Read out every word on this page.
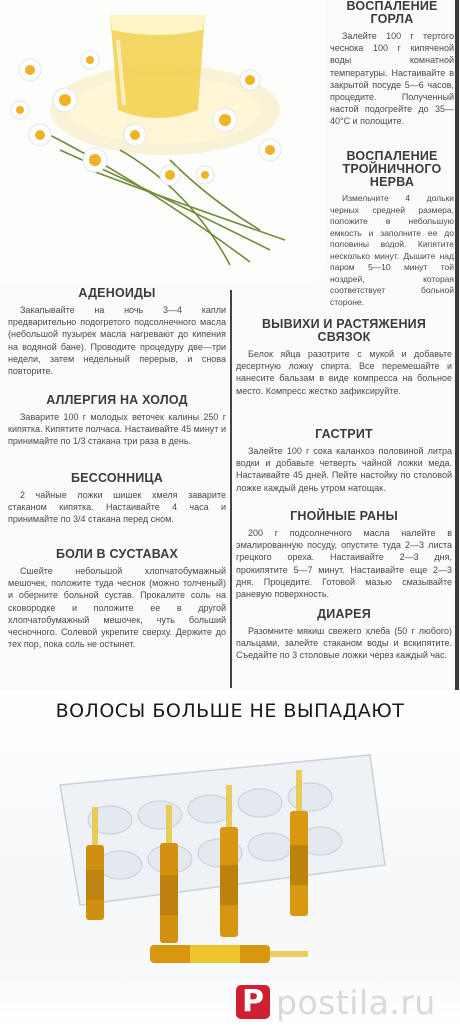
ВОСПАЛЕНИЕ ГОРЛА
Залейте 100 г тертого чеснока 100 г кипяченой воды комнатной температуры. Настаивайте в закрытой посуде 5—6 часов, процедите. Полученный настой подогрейте до 35—40°C и полощите.
ВОСПАЛЕНИЕ ТРОЙНИЧНОГО НЕРВА
Измельчите 4 дольки черных средней размера, положите в небольшую емкость и заполните ее до половины водой. Кипятите несколько минут. Дышите над паром 5—10 минут той ноздрей, которая соответствует больной стороне.
АДЕНОИДЫ
Закапывайте на ночь 3—4 капли предварительно подогретого подсолнечного масла (небольшой пузырек масла нагревают до кипения на водяной бане). Проводите процедуру две—три недели, затем недельный перерыв, и снова повторите.
АЛЛЕРГИЯ НА ХОЛОД
Заварите 100 г молодых веточек калины 250 г кипятка. Кипятите полчаса. Настаивайте 45 минут и принимайте по 1/3 стакана три раза в день.
БЕССОННИЦА
2 чайные ложки шишек хмеля заварите стаканом кипятка. Настаивайте 4 часа и принимайте по 3/4 стакана перед сном.
БОЛИ В СУСТАВАХ
Сшейте небольшой хлопчатобумажный мешочек, положите туда чеснок (можно толченый) и оберните больной сустав. Прокалите соль на сковородке и положите ее в другой хлопчатобумажный мешочек, чуть больший чесночного. Солевой укрепите сверху. Держите до тех пор, пока соль не остынет.
ВЫВИХИ И РАСТЯЖЕНИЯ СВЯЗОК
Белок яйца разотрите с мукой и добавьте десертную ложку спирта. Все перемешайте и нанесите бальзам в виде компресса на больное место. Компресс жестко зафиксируйте.
ГАСТРИТ
Залейте 100 г сока каланхоэ половиной литра водки и добавьте четверть чайной ложки меда. Настаивайте 45 дней. Пейте настойку по столовой ложке каждый день утром натощак.
ГНОЙНЫЕ РАНЫ
200 г подсолнечного масла налейте в эмалированную посуду, опустите туда 2—3 листа грецкого ореха. Настаивайте 2—3 дня, прокипятите 5—7 минут. Настаивайте еще 2—3 дня. Процедите. Готовой мазью смазывайте раневую поверхность.
ДИАРЕЯ
Разомните мякиш свежего хлеба (50 г любого) пальцами, залейте стаканом воды и вскипятите. Съедайте по 3 столовые ложки через каждый час.
ВОЛОСЫ БОЛЬШЕ НЕ ВЫПАДАЮТ
P postila.ru
